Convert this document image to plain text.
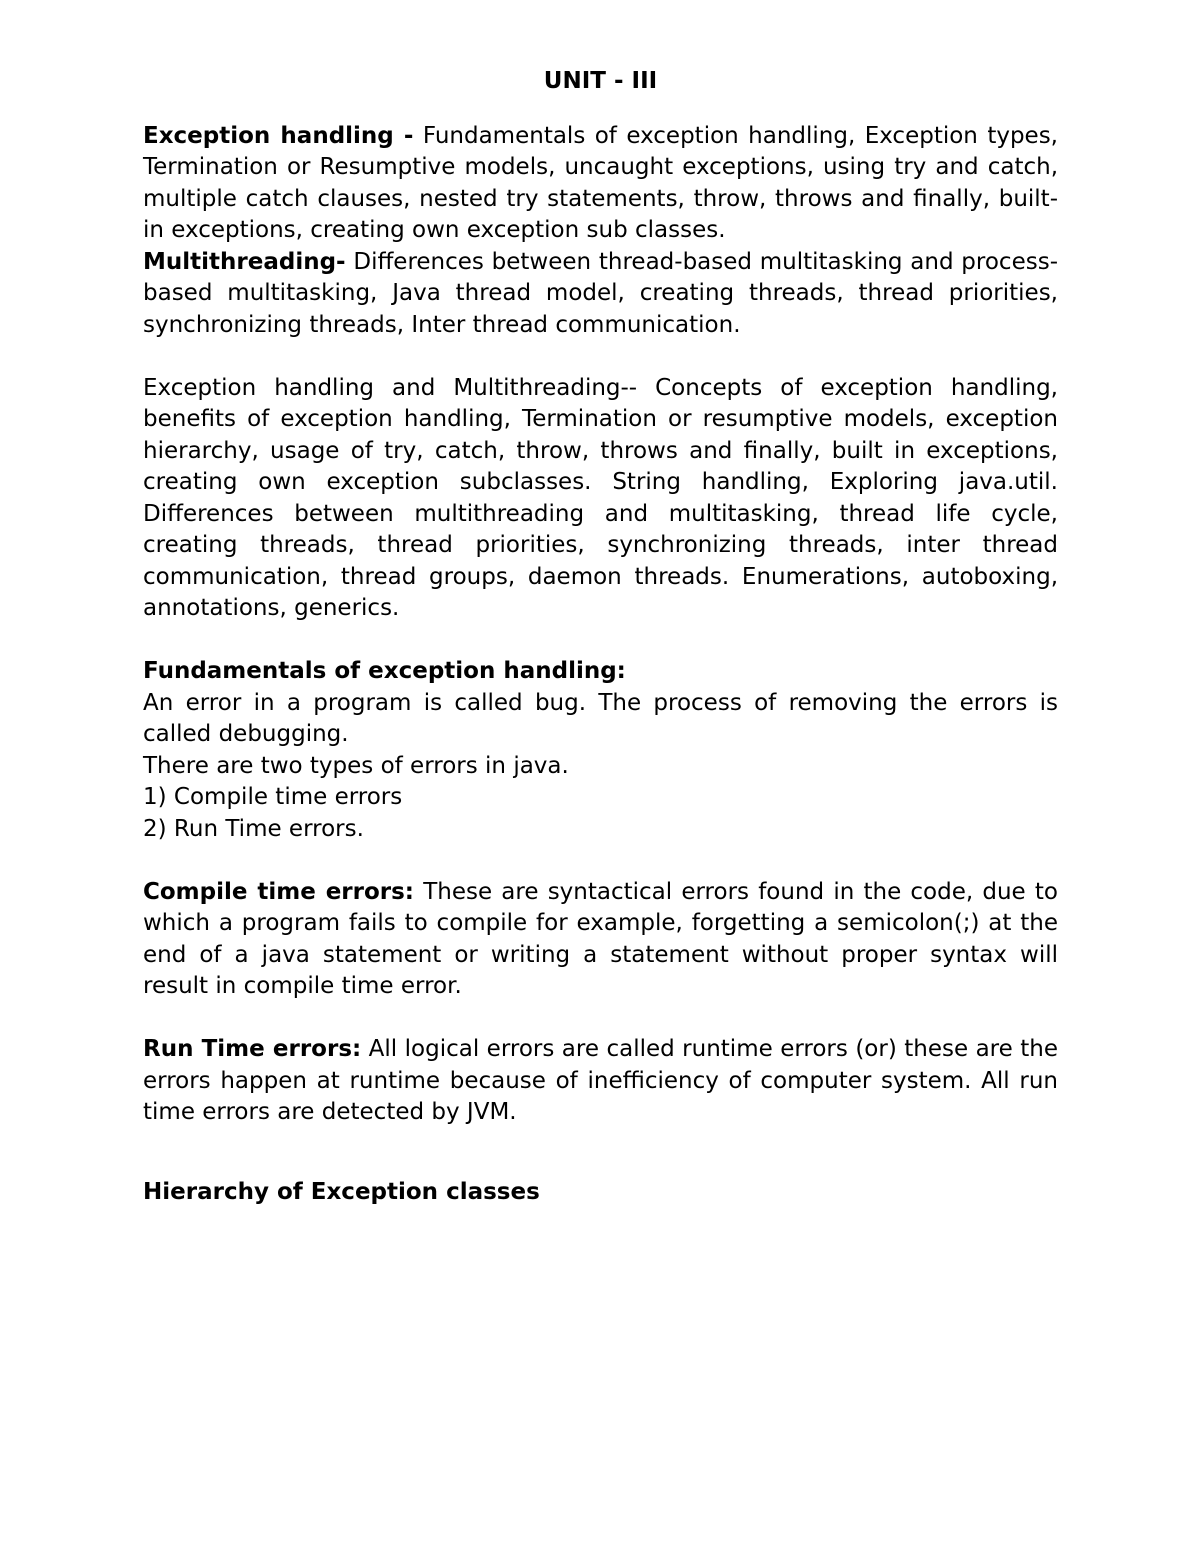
UNIT - III

Exception handling - Fundamentals of exception handling, Exception types, Termination or Resumptive models, uncaught exceptions, using try and catch, multiple catch clauses, nested try statements, throw, throws and finally, built- in exceptions, creating own exception sub classes.

Multithreading- Differences between thread-based multitasking and process-based multitasking, Java thread model, creating threads, thread priorities, synchronizing threads, Inter thread communication.

Exception handling and Multithreading-- Concepts of exception handling, benefits of exception handling, Termination or resumptive models, exception hierarchy, usage of try, catch, throw, throws and finally, built in exceptions, creating own exception subclasses. String handling, Exploring java.util. Differences between multithreading and multitasking, thread life cycle, creating threads, thread priorities, synchronizing threads, inter thread communication, thread groups, daemon threads. Enumerations, autoboxing, annotations, generics.

Fundamentals of exception handling:

An error in a program is called bug. The process of removing the errors is called debugging.

There are two types of errors in java.

1) Compile time errors

2) Run Time errors.

Compile time errors: These are syntactical errors found in the code, due to which a program fails to compile for example, forgetting a semicolon(;) at the end of a java statement or writing a statement without proper syntax will result in compile time error.

Run Time errors: All logical errors are called runtime errors (or) these are the errors happen at runtime because of inefficiency of computer system. All run time errors are detected by JVM.

Hierarchy of Exception classes
